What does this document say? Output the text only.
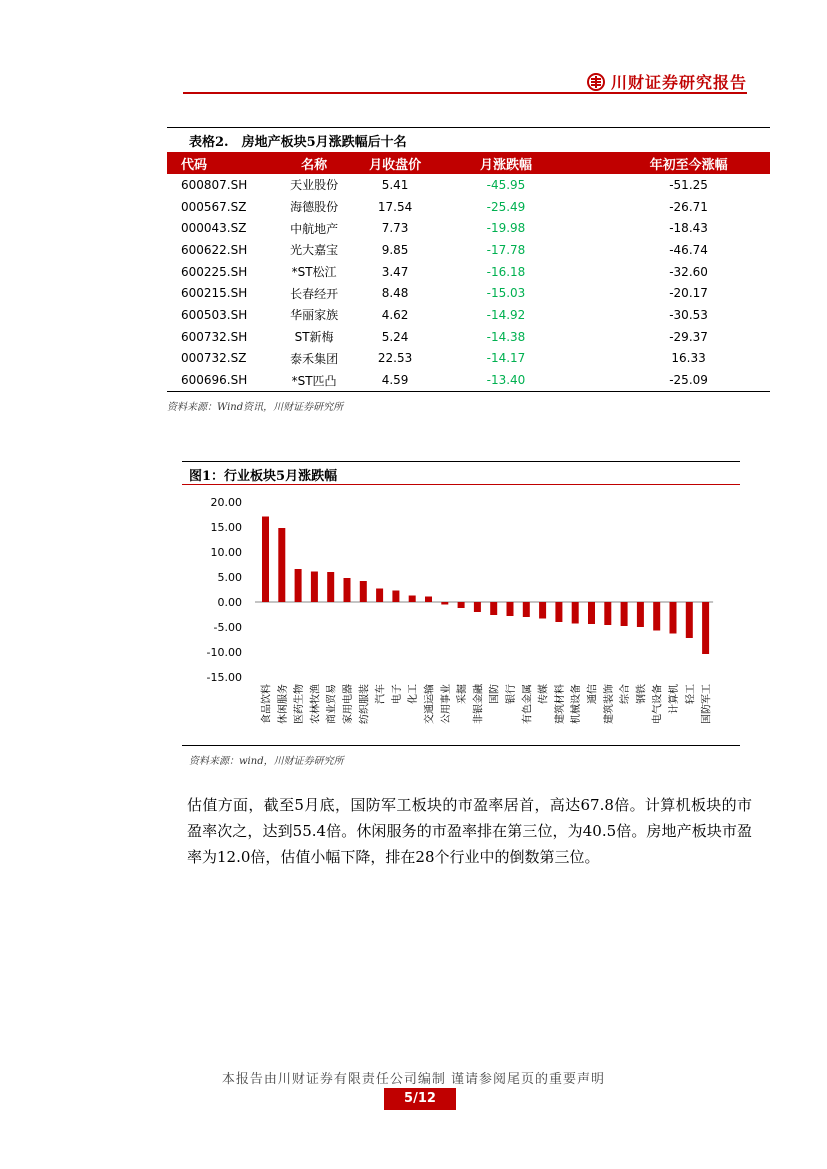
川财证券研究报告
表格2.　房地产板块5月涨跌幅后十名
代码	名称	月收盘价	月涨跌幅	年初至今涨幅
600807.SH	天业股份	5.41	-45.95	-51.25
000567.SZ	海德股份	17.54	-25.49	-26.71
000043.SZ	中航地产	7.73	-19.98	-18.43
600622.SH	光大嘉宝	9.85	-17.78	-46.74
600225.SH	*ST松江	3.47	-16.18	-32.60
600215.SH	长春经开	8.48	-15.03	-20.17
600503.SH	华丽家族	4.62	-14.92	-30.53
600732.SH	ST新梅	5.24	-14.38	-29.37
000732.SZ	泰禾集团	22.53	-14.17	16.33
600696.SH	*ST匹凸	4.59	-13.40	-25.09
资料来源：Wind资讯，川财证券研究所
图1：行业板块5月涨跌幅
20.00
15.00
10.00
5.00
0.00
-5.00
-10.00
-15.00
食品饮料 休闲服务 医药生物 农林牧渔 商业贸易 家用电器 纺织服装 汽车 电子 化工 交通运输 公用事业 采掘 非银金融 国防 银行 有色金属 传媒 建筑材料 机械设备 通信 建筑装饰 综合 钢铁 电气设备 计算机 轻工 国防军工
资料来源：wind，川财证券研究所
估值方面，截至5月底，国防军工板块的市盈率居首，高达67.8倍。计算机板块的市盈率次之，达到55.4倍。休闲服务的市盈率排在第三位，为40.5倍。房地产板块市盈率为12.0倍，估值小幅下降，排在28个行业中的倒数第三位。
本报告由川财证券有限责任公司编制 谨请参阅尾页的重要声明
5/12
